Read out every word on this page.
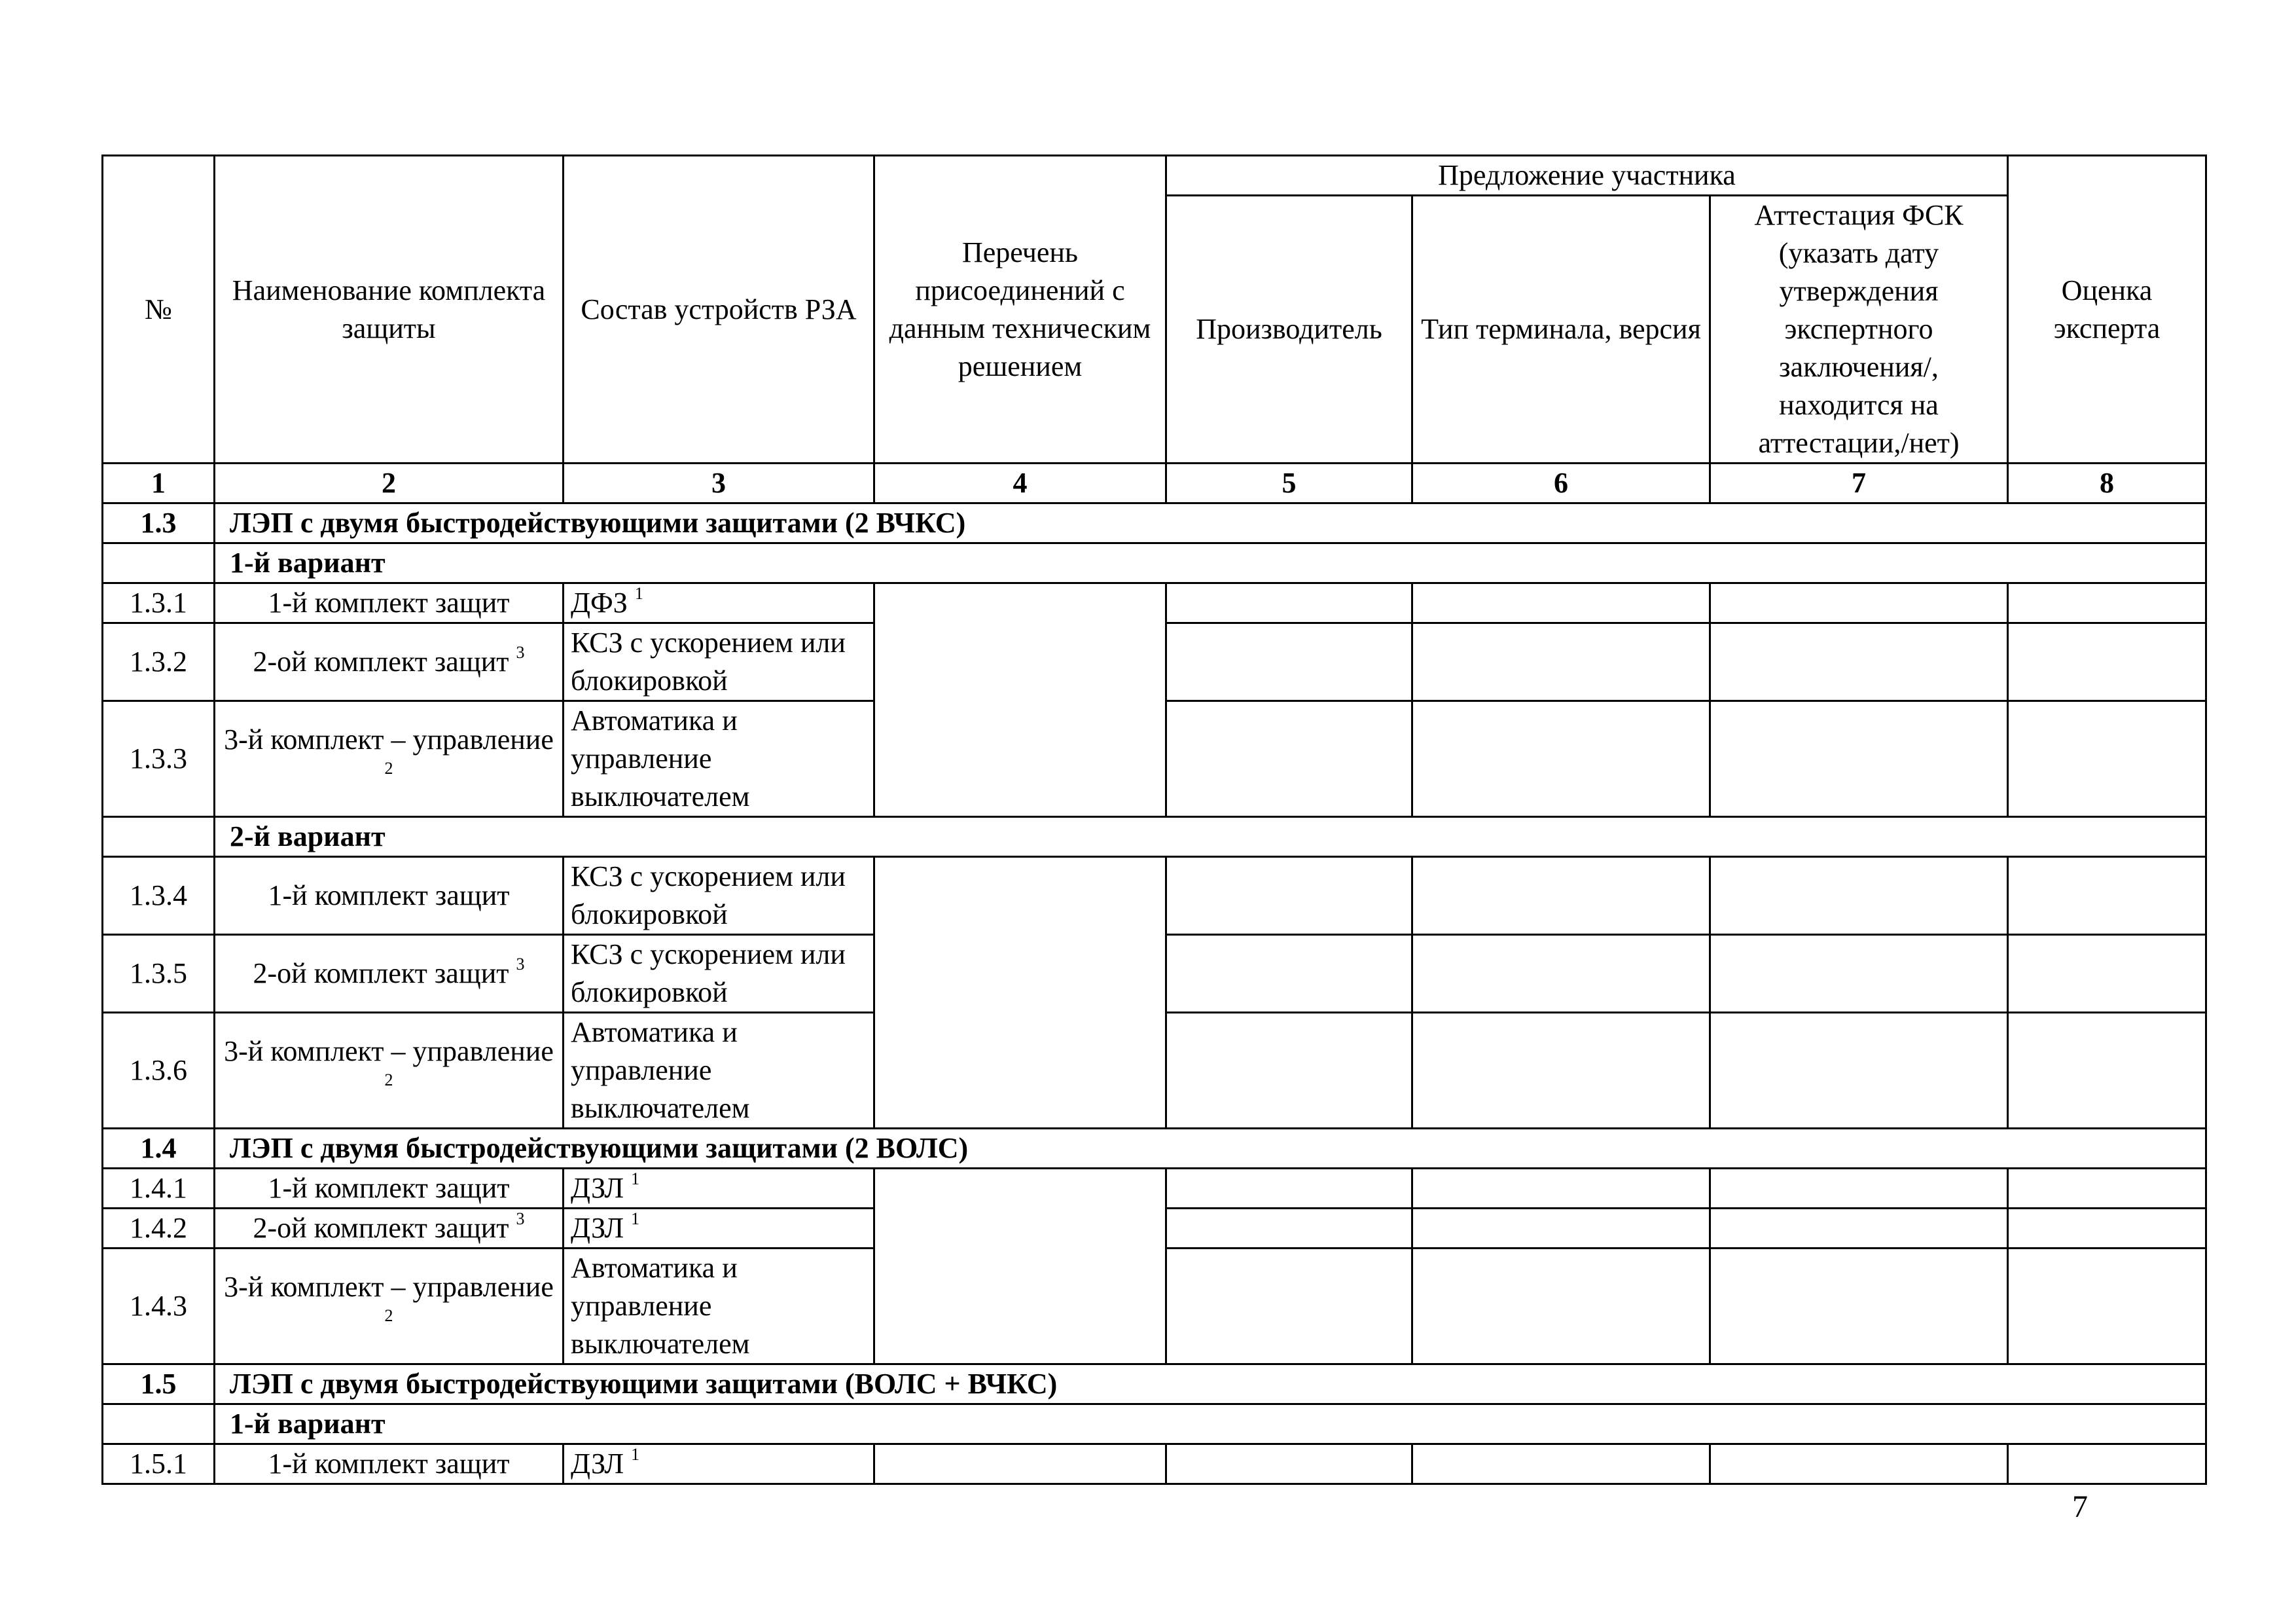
№	Наименование комплекта защиты	Состав устройств РЗА	Перечень присоединений с данным техническим решением	Предложение участника			Оценка эксперта
				Производитель	Тип терминала, версия	Аттестация ФСК (указать дату утверждения экспертного заключения/, находится на аттестации,/нет)	
1	2	3	4	5	6	7	8
1.3	ЛЭП с двумя быстродействующими защитами (2 ВЧКС)						
	1-й вариант						
1.3.1	1-й комплект защит	ДФЗ $^1$					
1.3.2	2-ой комплект защит $^3$	КСЗ с ускорением или блокировкой					
1.3.3	3-й комплект – управление $^2$	Автоматика и управление выключателем					
	2-й вариант						
1.3.4	1-й комплект защит	КСЗ с ускорением или блокировкой					
1.3.5	2-ой комплект защит $^3$	КСЗ с ускорением или блокировкой					
1.3.6	3-й комплект – управление $^2$	Автоматика и управление выключателем					
1.4	ЛЭП с двумя быстродействующими защитами (2 ВОЛС)						
1.4.1	1-й комплект защит	ДЗЛ $^1$					
1.4.2	2-ой комплект защит $^3$	ДЗЛ $^1$				
1.4.3	3-й комплект – управление $^2$	Автоматика и управление выключателем					
1.5	ЛЭП с двумя быстродействующими защитами (ВОЛС + ВЧКС)						
	1-й вариант						
1.5.1	1-й комплект защит	ДЗЛ $^1$					
7
